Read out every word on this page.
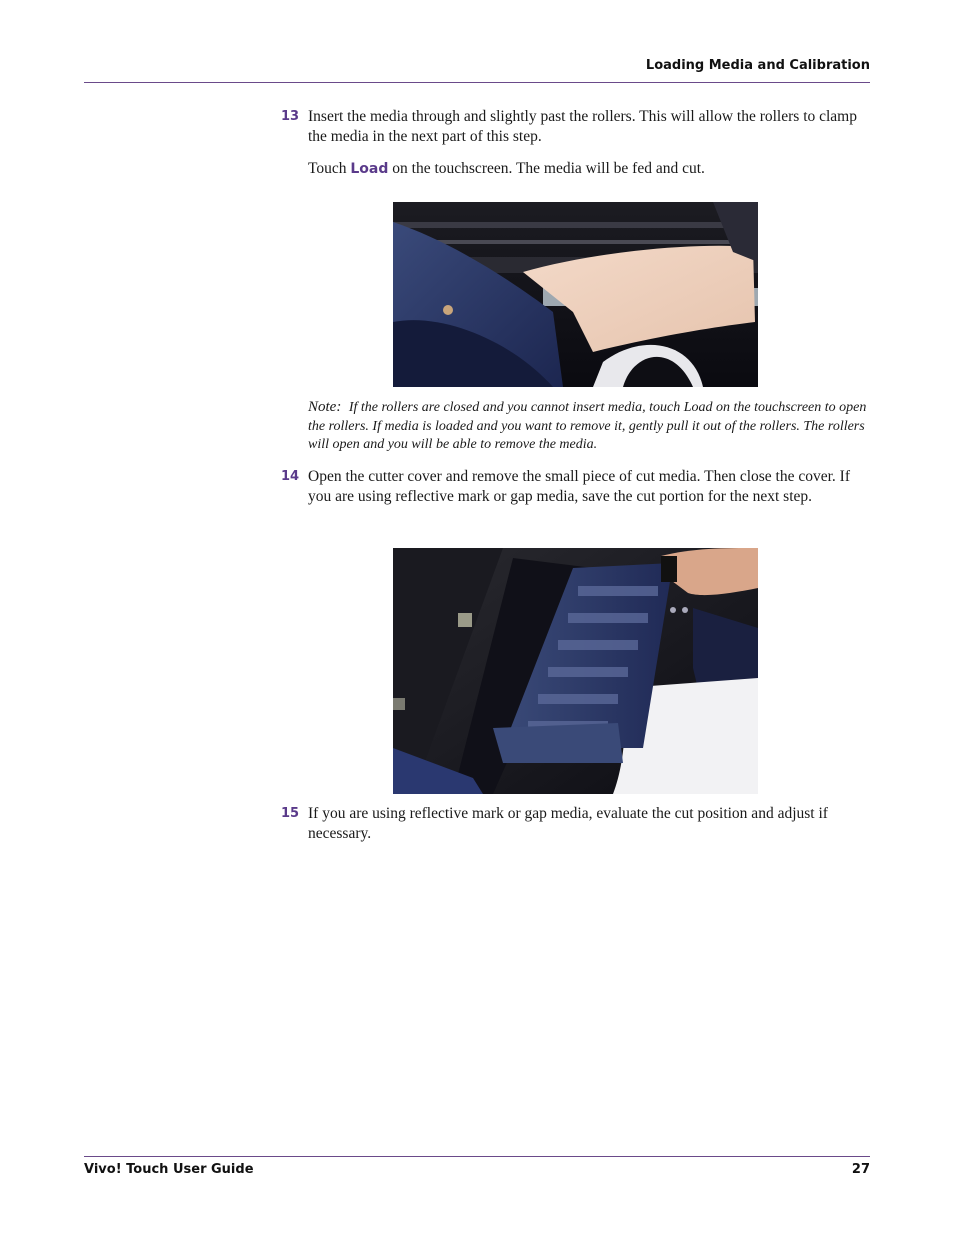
Loading Media and Calibration
13 Insert the media through and slightly past the rollers. This will allow the rollers to clamp the media in the next part of this step.
Touch Load on the touchscreen. The media will be fed and cut.
Note: If the rollers are closed and you cannot insert media, touch Load on the touchscreen to open the rollers. If media is loaded and you want to remove it, gently pull it out of the rollers. The rollers will open and you will be able to remove the media.
14 Open the cutter cover and remove the small piece of cut media. Then close the cover. If you are using reflective mark or gap media, save the cut portion for the next step.
15 If you are using reflective mark or gap media, evaluate the cut position and adjust if necessary.
Vivo! Touch User Guide	27
